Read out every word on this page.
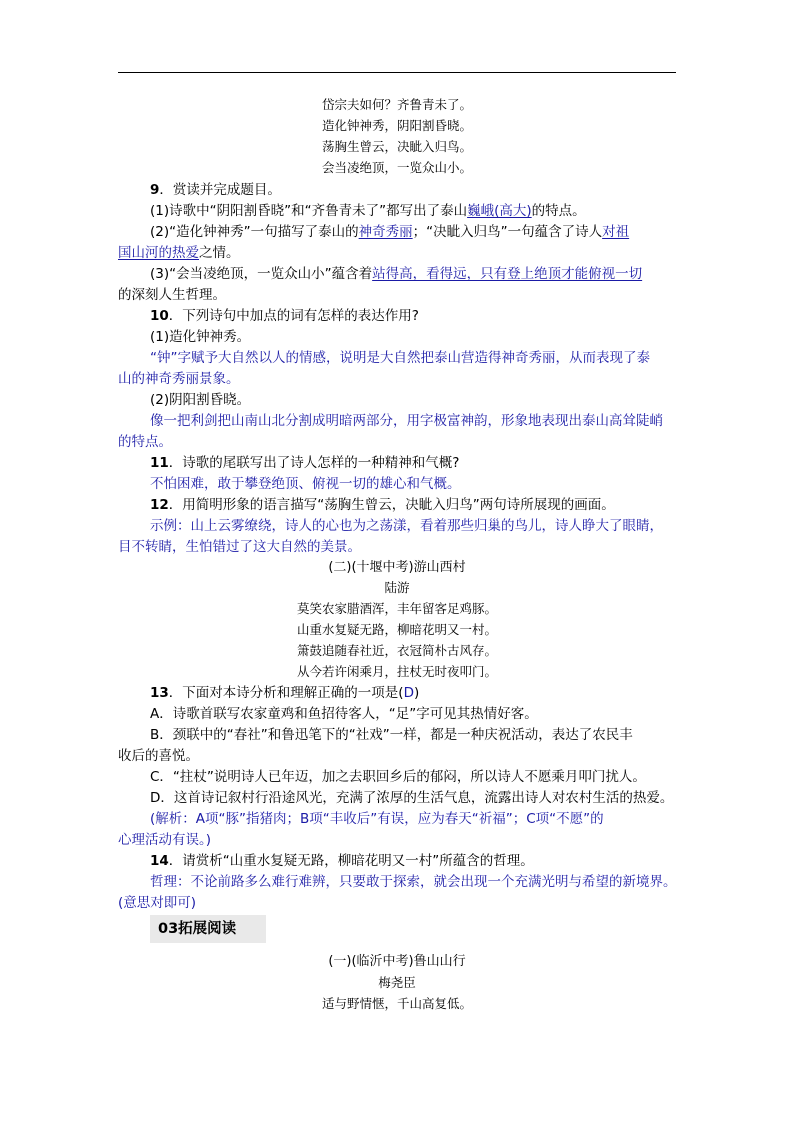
岱宗夫如何？齐鲁青未了。
造化钟神秀，阴阳割昏晓。
荡胸生曾云，决眦入归鸟。
会当凌绝顶，一览众山小。
9．赏读并完成题目。
(1)诗歌中“阴阳割昏晓”和“齐鲁青未了”都写出了泰山巍峨(高大)的特点。
(2)“造化钟神秀”一句描写了泰山的神奇秀丽；“决眦入归鸟”一句蕴含了诗人对祖
国山河的热爱之情。
(3)“会当凌绝顶，一览众山小”蕴含着站得高，看得远，只有登上绝顶才能俯视一切
的深刻人生哲理。
10．下列诗句中加点的词有怎样的表达作用?
(1)造化钟神秀。
“钟”字赋予大自然以人的情感，说明是大自然把泰山营造得神奇秀丽，从而表现了泰
山的神奇秀丽景象。
(2)阴阳割昏晓。
像一把利剑把山南山北分割成明暗两部分，用字极富神韵，形象地表现出泰山高耸陡峭
的特点。
11．诗歌的尾联写出了诗人怎样的一种精神和气概?
不怕困难，敢于攀登绝顶、俯视一切的雄心和气概。
12．用简明形象的语言描写“荡胸生曾云，决眦入归鸟”两句诗所展现的画面。
示例：山上云雾缭绕，诗人的心也为之荡漾，看着那些归巢的鸟儿，诗人睁大了眼睛，
目不转睛，生怕错过了这大自然的美景。
(二)(十堰中考)游山西村
陆游
莫笑农家腊酒浑，丰年留客足鸡豚。
山重水复疑无路，柳暗花明又一村。
箫鼓追随春社近，衣冠简朴古风存。
从今若许闲乘月，拄杖无时夜叩门。
13．下面对本诗分析和理解正确的一项是(D)
A．诗歌首联写农家童鸡和鱼招待客人，“足”字可见其热情好客。
B．颈联中的“春社”和鲁迅笔下的“社戏”一样，都是一种庆祝活动，表达了农民丰
收后的喜悦。
C．“拄杖”说明诗人已年迈，加之去职回乡后的郁闷，所以诗人不愿乘月叩门扰人。
D．这首诗记叙村行沿途风光，充满了浓厚的生活气息，流露出诗人对农村生活的热爱。
(解析：A项“豚”指猪肉；B项“丰收后”有误，应为春天“祈福”；C项“不愿”的
心理活动有误。)
14．请赏析“山重水复疑无路，柳暗花明又一村”所蕴含的哲理。
哲理：不论前路多么难行难辨，只要敢于探索，就会出现一个充满光明与希望的新境界。
(意思对即可)
03拓展阅读
(一)(临沂中考)鲁山山行
梅尧臣
适与野情惬，千山高复低。
